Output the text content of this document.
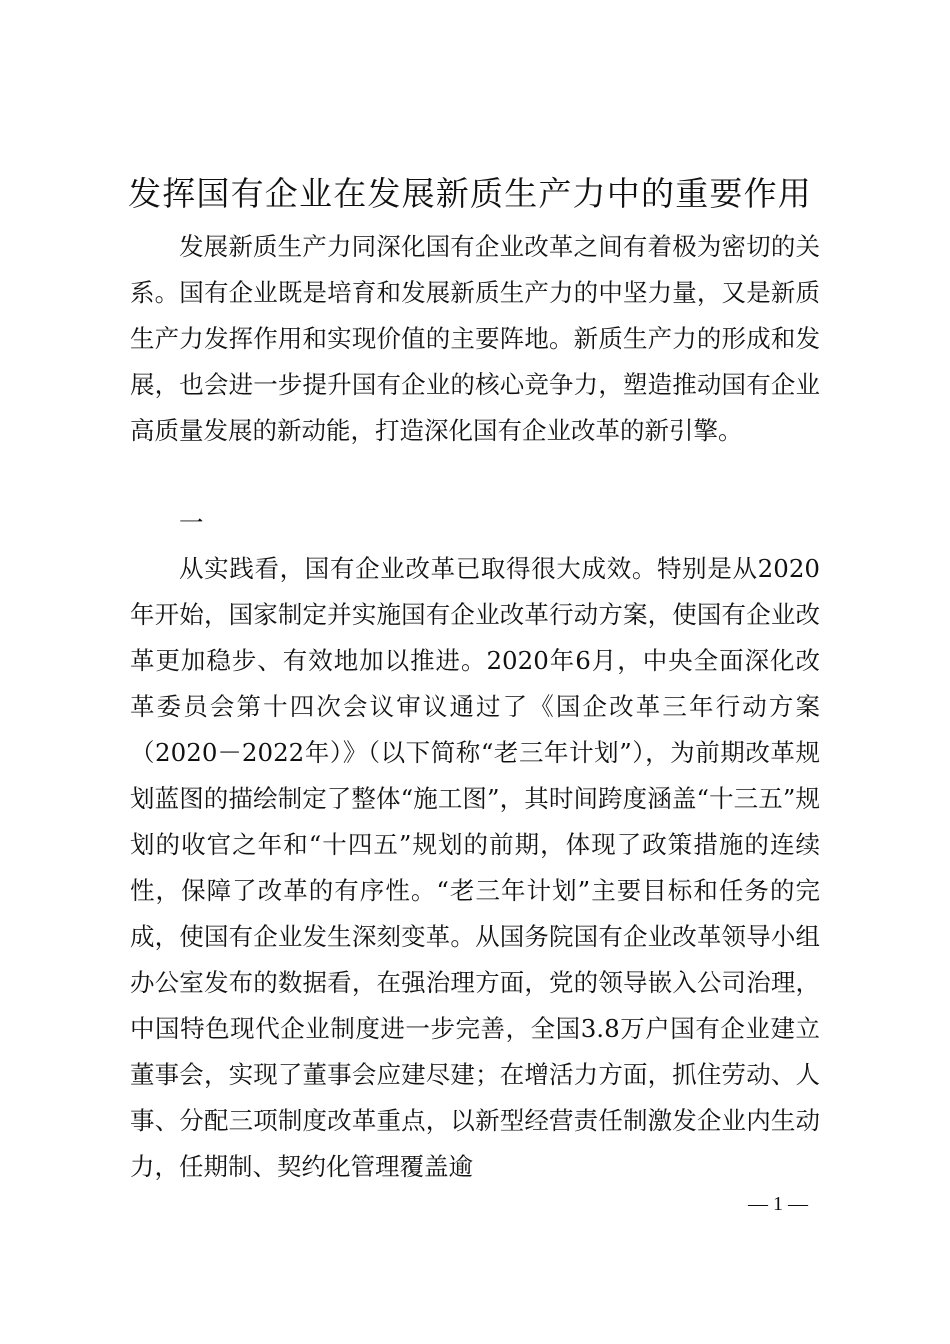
发挥国有企业在发展新质生产力中的重要作用

发展新质生产力同深化国有企业改革之间有着极为密切的关系。国有企业既是培育和发展新质生产力的中坚力量，又是新质生产力发挥作用和实现价值的主要阵地。新质生产力的形成和发展，也会进一步提升国有企业的核心竞争力，塑造推动国有企业高质量发展的新动能，打造深化国有企业改革的新引擎。

一

从实践看，国有企业改革已取得很大成效。特别是从2020年开始，国家制定并实施国有企业改革行动方案，使国有企业改革更加稳步、有效地加以推进。2020年6月，中央全面深化改革委员会第十四次会议审议通过了《国企改革三年行动方案（2020－2022年）》（以下简称“老三年计划”），为前期改革规划蓝图的描绘制定了整体“施工图”，其时间跨度涵盖“十三五”规划的收官之年和“十四五”规划的前期，体现了政策措施的连续性，保障了改革的有序性。“老三年计划”主要目标和任务的完成，使国有企业发生深刻变革。从国务院国有企业改革领导小组办公室发布的数据看，在强治理方面，党的领导嵌入公司治理，中国特色现代企业制度进一步完善，全国3.8万户国有企业建立董事会，实现了董事会应建尽建；在增活力方面，抓住劳动、人事、分配三项制度改革重点，以新型经营责任制激发企业内生动力，任期制、契约化管理覆盖逾

— 1 —
